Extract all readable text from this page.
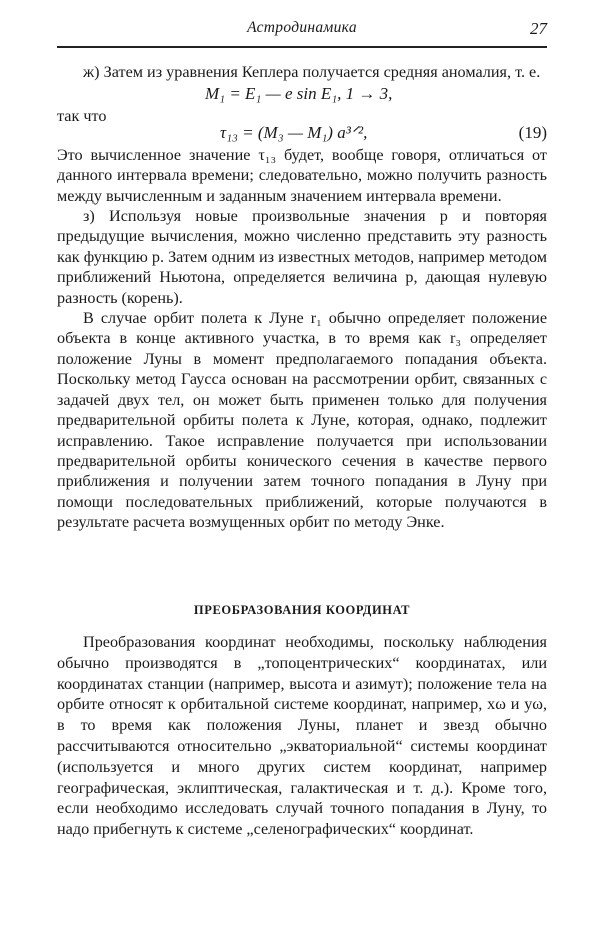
Астродинамика	27

ж) Затем из уравнения Кеплера получается средняя аномалия, т. е.

M₁ = E₁ — e sin E₁, 1 → 3,

так что

τ₁₃ = (M₃ — M₁) a³ᐟ²,	(19)

Это вычисленное значение τ₁₃ будет, вообще говоря, отличаться от данного интервала времени; следовательно, можно получить разность между вычисленным и заданным значением интервала времени.

з) Используя новые произвольные значения p и повторяя предыдущие вычисления, можно численно представить эту разность как функцию p. Затем одним из известных методов, например методом приближений Ньютона, определяется величина p, дающая нулевую разность (корень).

В случае орбит полета к Луне r₁ обычно определяет положение объекта в конце активного участка, в то время как r₃ определяет положение Луны в момент предполагаемого попадания объекта. Поскольку метод Гаусса основан на рассмотрении орбит, связанных с задачей двух тел, он может быть применен только для получения предварительной орбиты полета к Луне, которая, однако, подлежит исправлению. Такое исправление получается при использовании предварительной орбиты конического сечения в качестве первого приближения и получении затем точного попадания в Луну при помощи последовательных приближений, которые получаются в результате расчета возмущенных орбит по методу Энке.

ПРЕОБРАЗОВАНИЯ КООРДИНАТ

Преобразования координат необходимы, поскольку наблюдения обычно производятся в „топоцентрических“ координатах, или координатах станции (например, высота и азимут); положение тела на орбите относят к орбитальной системе координат, например, xω и yω, в то время как положения Луны, планет и звезд обычно рассчитываются относительно „экваториальной“ системы координат (используется и много других систем координат, например географическая, эклиптическая, галактическая и т. д.). Кроме того, если необходимо исследовать случай точного попадания в Луну, то надо прибегнуть к системе „селенографических“ координат.
